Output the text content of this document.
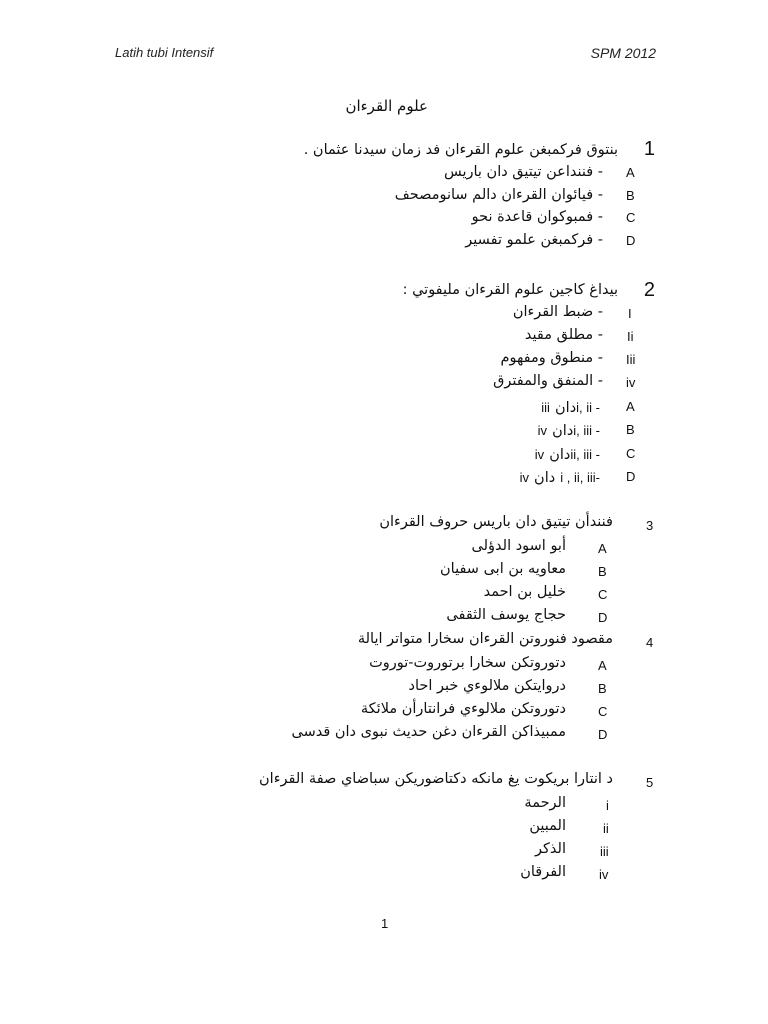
Latih tubi Intensif	SPM 2012
علوم القرءان
1
بنتوق فركمبغن علوم القرءان فد زمان سيدنا عثمان .
- فنندا‌عن تيتيق دان باريس A
- فيائوان القرءان دالم سانومصحف B
- فمبوكوان قاعدة نحو C
- فركمبغن علمو تفسير D
2
بيداغ كاجين علوم القرءان مليفوتي :
- ضبط القرءان I
- مطلق مقيد Ii
- منطوق ومفهوم Iii
- المنفق والمفترق iv
iii دانi, ii - A
iv دانi, iii - B
iv دانii, iii - C
iv دان i , ii, iii- D
3
فنندأن تيتيق دان باريس حروف القرءان
أبو اسود الدؤلى A
معاويه بن ابى سفيان B
خليل بن احمد C
حجاج يوسف الثقفى D
4
مقصود فنوروتن القرءان سخارا متواتر ايالة
دتوروتكن سخارا برتوروت-توروت A
دروايتكن ملالوءي خبر احاد B
دتوروتكن ملالوءي فرانتارأن ملائكة C
ممبيذاكن القرءان دغن حديث نبوى دان قدسى D
5
د انتارا بريكوت يغ مانكه دكتاضوريكن سباضاي صفة القرءان
الرحمة	i
المبين	ii
الذكر	iii
الفرقان	iv
1
